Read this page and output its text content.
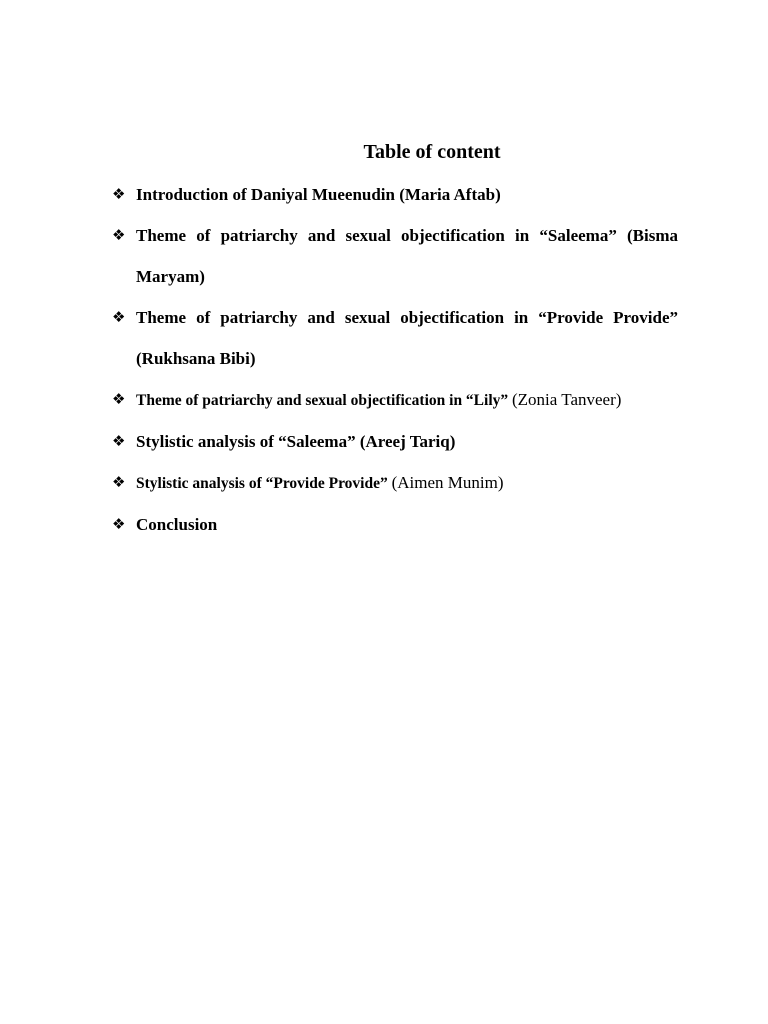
Table of content
❖ Introduction of Daniyal Mueenudin (Maria Aftab)
❖ Theme of patriarchy and sexual objectification in “Saleema” (Bisma
Maryam)
❖ Theme of patriarchy and sexual objectification in “Provide Provide”
(Rukhsana Bibi)
❖ Theme of patriarchy and sexual objectification in “Lily” (Zonia Tanveer)
❖ Stylistic analysis of “Saleema” (Areej Tariq)
❖ Stylistic analysis of “Provide Provide” (Aimen Munim)
❖ Conclusion
